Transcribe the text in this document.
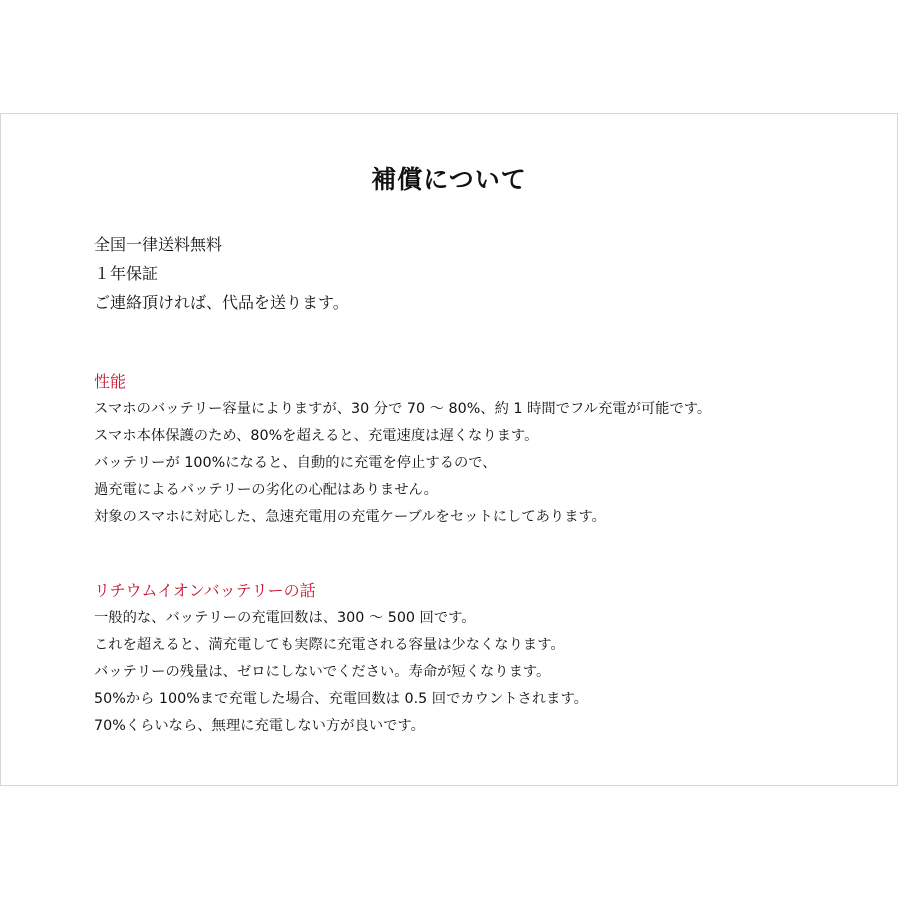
補償について
全国一律送料無料
１年保証
ご連絡頂ければ、代品を送ります。
性能
スマホのバッテリー容量によりますが、30 分で 70 ～ 80%、約 1 時間でフル充電が可能です。
スマホ本体保護のため、80%を超えると、充電速度は遅くなります。
バッテリーが 100%になると、自動的に充電を停止するので、
過充電によるバッテリーの劣化の心配はありません。
対象のスマホに対応した、急速充電用の充電ケーブルをセットにしてあります。
リチウムイオンバッテリーの話
一般的な、バッテリーの充電回数は、300 ～ 500 回です。
これを超えると、満充電しても実際に充電される容量は少なくなります。
バッテリーの残量は、ゼロにしないでください。寿命が短くなります。
50%から 100%まで充電した場合、充電回数は 0.5 回でカウントされます。
70%くらいなら、無理に充電しない方が良いです。
